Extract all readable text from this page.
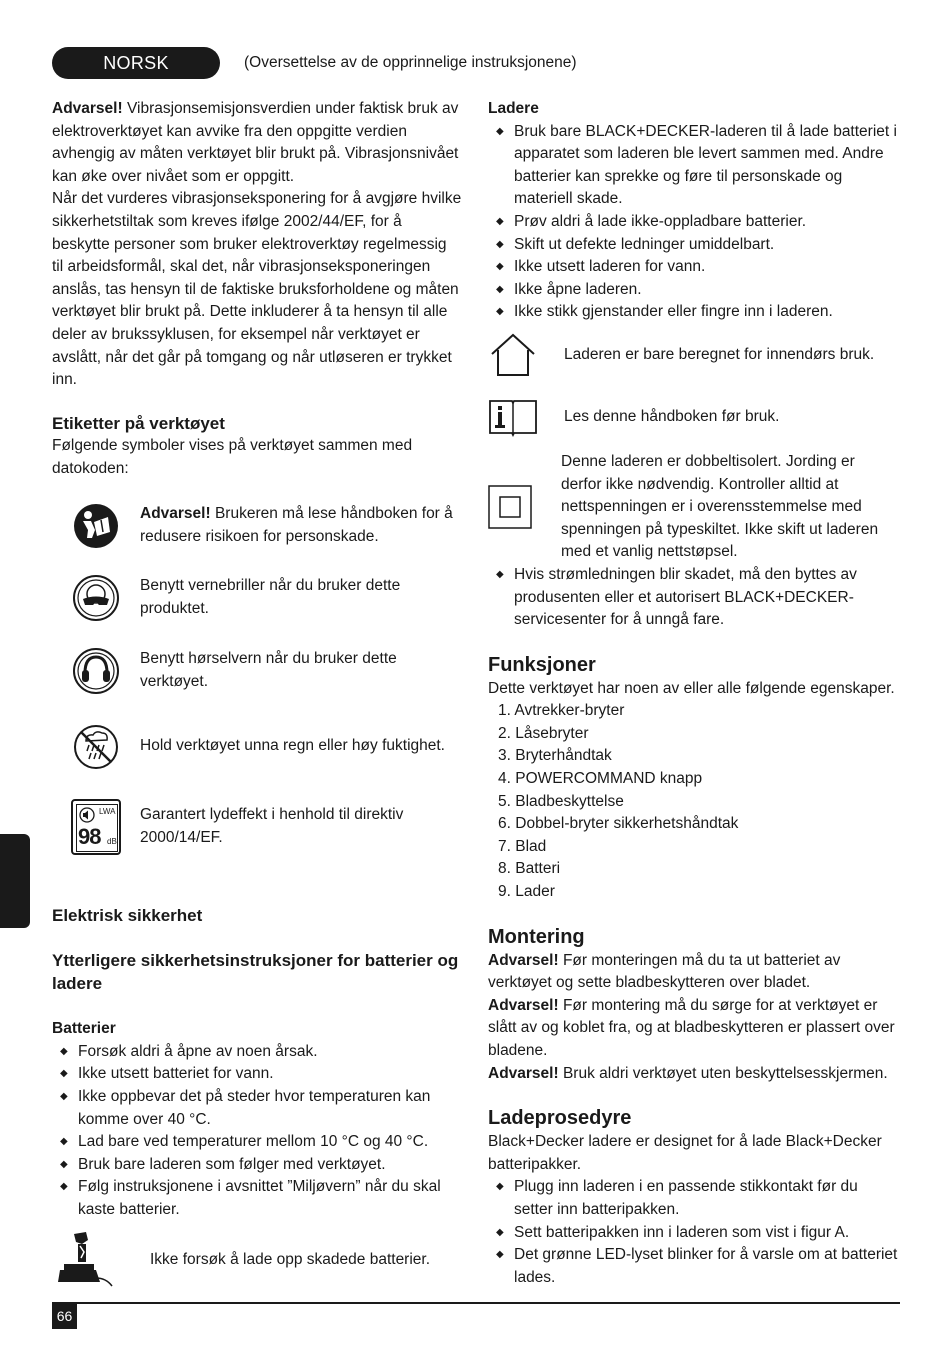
NORSK	(Oversettelse av de opprinnelige instruksjonene)

Advarsel! Vibrasjonsemisjonsverdien under faktisk bruk av elektroverktøyet kan avvike fra den oppgitte verdien avhengig av måten verktøyet blir brukt på. Vibrasjonsnivået kan øke over nivået som er oppgitt.

Når det vurderes vibrasjonseksponering for å avgjøre hvilke sikkerhetstiltak som kreves ifølge 2002/44/EF, for å beskytte personer som bruker elektroverktøy regelmessig til arbeidsformål, skal det, når vibrasjonseksponeringen anslås, tas hensyn til de faktiske bruksforholdene og måten verktøyet blir brukt på. Dette inkluderer å ta hensyn til alle deler av brukssyklusen, for eksempel når verktøyet er avslått, når det går på tomgang og når utløseren er trykket inn.

Etiketter på verktøyet

Følgende symboler vises på verktøyet sammen med datokoden:

Advarsel! Brukeren må lese håndboken for å redusere risikoen for personskade.
Benytt vernebriller når du bruker dette produktet.
Benytt hørselvern når du bruker dette verktøyet.
Hold verktøyet unna regn eller høy fuktighet.
LWA
98 dB
Garantert lydeffekt i henhold til direktiv 2000/14/EF.

Elektrisk sikkerhet

Ytterligere sikkerhetsinstruksjoner for batterier og ladere

Batterier

◆ Forsøk aldri å åpne av noen årsak.
◆ Ikke utsett batteriet for vann.
◆ Ikke oppbevar det på steder hvor temperaturen kan komme over 40 °C.
◆ Lad bare ved temperaturer mellom 10 °C og 40 °C.
◆ Bruk bare laderen som følger med verktøyet.
◆ Følg instruksjonene i avsnittet ”Miljøvern” når du skal kaste batterier.
Ikke forsøk å lade opp skadede batterier.

Ladere

◆ Bruk bare BLACK+DECKER-laderen til å lade batteriet i apparatet som laderen ble levert sammen med. Andre batterier kan sprekke og føre til personskade og materiell skade.
◆ Prøv aldri å lade ikke-oppladbare batterier.
◆ Skift ut defekte ledninger umiddelbart.
◆ Ikke utsett laderen for vann.
◆ Ikke åpne laderen.
◆ Ikke stikk gjenstander eller fingre inn i laderen.
Laderen er bare beregnet for innendørs bruk.
Les denne håndboken før bruk.
Denne laderen er dobbeltisolert. Jording er derfor ikke nødvendig. Kontroller alltid at nettspenningen er i overensstemmelse med spenningen på typeskiltet. Ikke skift ut laderen med et vanlig nettstøpsel.
◆ Hvis strømledningen blir skadet, må den byttes av produsenten eller et autorisert BLACK+DECKER-servicesenter for å unngå fare.

Funksjoner

Dette verktøyet har noen av eller alle følgende egenskaper.

1. Avtrekker-bryter
2. Låsebryter
3. Bryterhåndtak
4. POWERCOMMAND knapp
5. Bladbeskyttelse
6. Dobbel-bryter sikkerhetshåndtak
7. Blad
8. Batteri
9. Lader

Montering

Advarsel! Før monteringen må du ta ut batteriet av verktøyet og sette bladbeskytteren over bladet.

Advarsel! Før montering må du sørge for at verktøyet er slått av og koblet fra, og at bladbeskytteren er plassert over bladene.

Advarsel! Bruk aldri verktøyet uten beskyttelsesskjermen.

Ladeprosedyre

Black+Decker ladere er designet for å lade Black+Decker batteripakker.

◆ Plugg inn laderen i en passende stikkontakt før du setter inn batteripakken.
◆ Sett batteripakken inn i laderen som vist i figur A.
◆ Det grønne LED-lyset blinker for å varsle om at batteriet lades.
66
